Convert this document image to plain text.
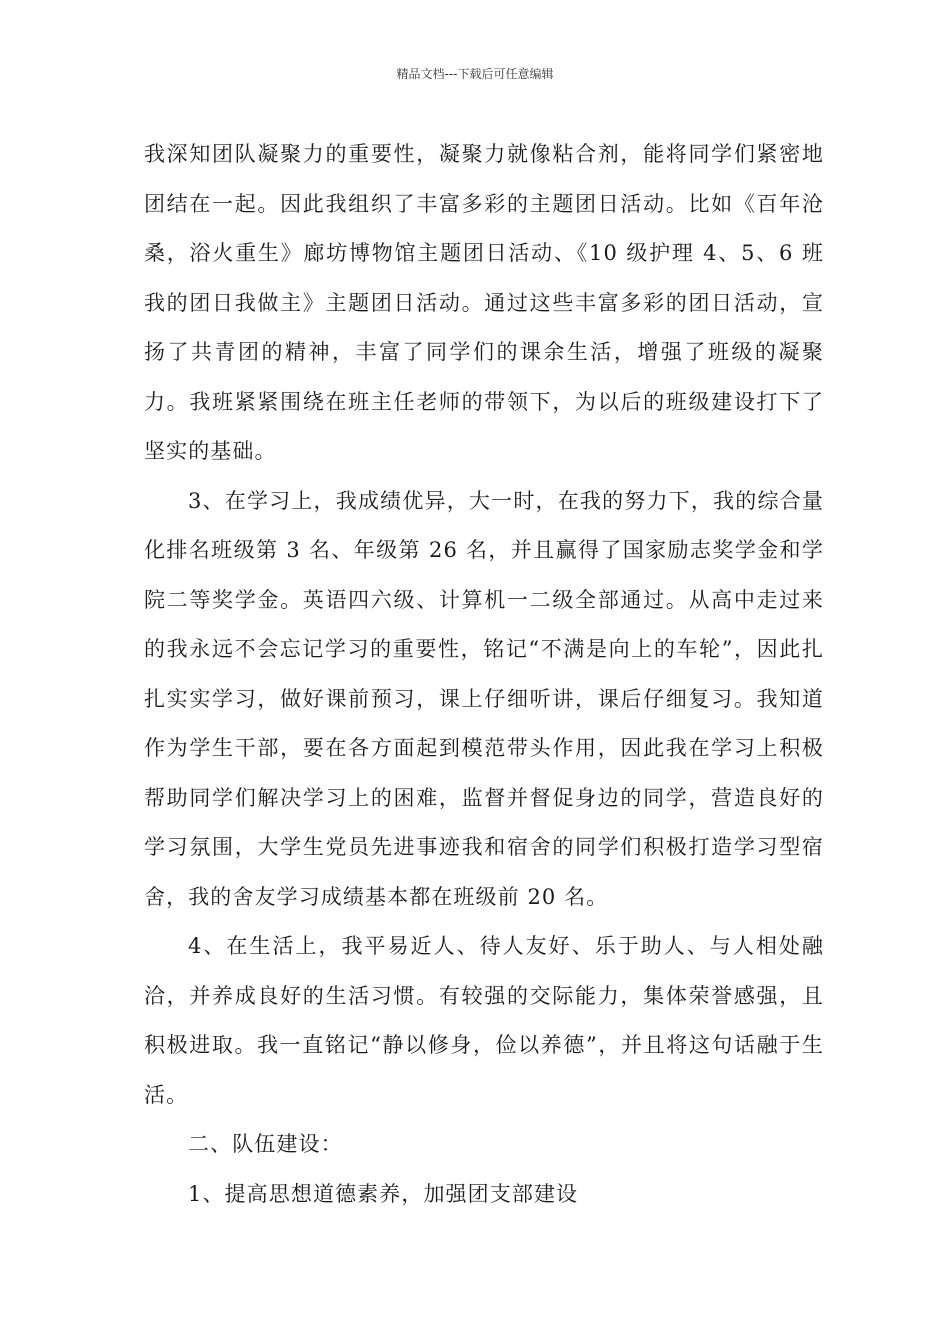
精品文档---下载后可任意编辑

我深知团队凝聚力的重要性，凝聚力就像粘合剂，能将同学们紧密地团结在一起。因此我组织了丰富多彩的主题团日活动。比如《百年沧桑，浴火重生》廊坊博物馆主题团日活动、《10 级护理 4、5、6 班我的团日我做主》主题团日活动。通过这些丰富多彩的团日活动，宣扬了共青团的精神，丰富了同学们的课余生活，增强了班级的凝聚力。我班紧紧围绕在班主任老师的带领下，为以后的班级建设打下了坚实的基础。

3、在学习上，我成绩优异，大一时，在我的努力下，我的综合量化排名班级第 3 名、年级第 26 名，并且赢得了国家励志奖学金和学院二等奖学金。英语四六级、计算机一二级全部通过。从高中走过来的我永远不会忘记学习的重要性，铭记“不满是向上的车轮”，因此扎扎实实学习，做好课前预习，课上仔细听讲，课后仔细复习。我知道作为学生干部，要在各方面起到模范带头作用，因此我在学习上积极帮助同学们解决学习上的困难，监督并督促身边的同学，营造良好的学习氛围，大学生党员先进事迹我和宿舍的同学们积极打造学习型宿舍，我的舍友学习成绩基本都在班级前 20 名。

4、在生活上，我平易近人、待人友好、乐于助人、与人相处融洽，并养成良好的生活习惯。有较强的交际能力，集体荣誉感强，且积极进取。我一直铭记“静以修身，俭以养德”，并且将这句话融于生活。

二、队伍建设：

1、提高思想道德素养，加强团支部建设
